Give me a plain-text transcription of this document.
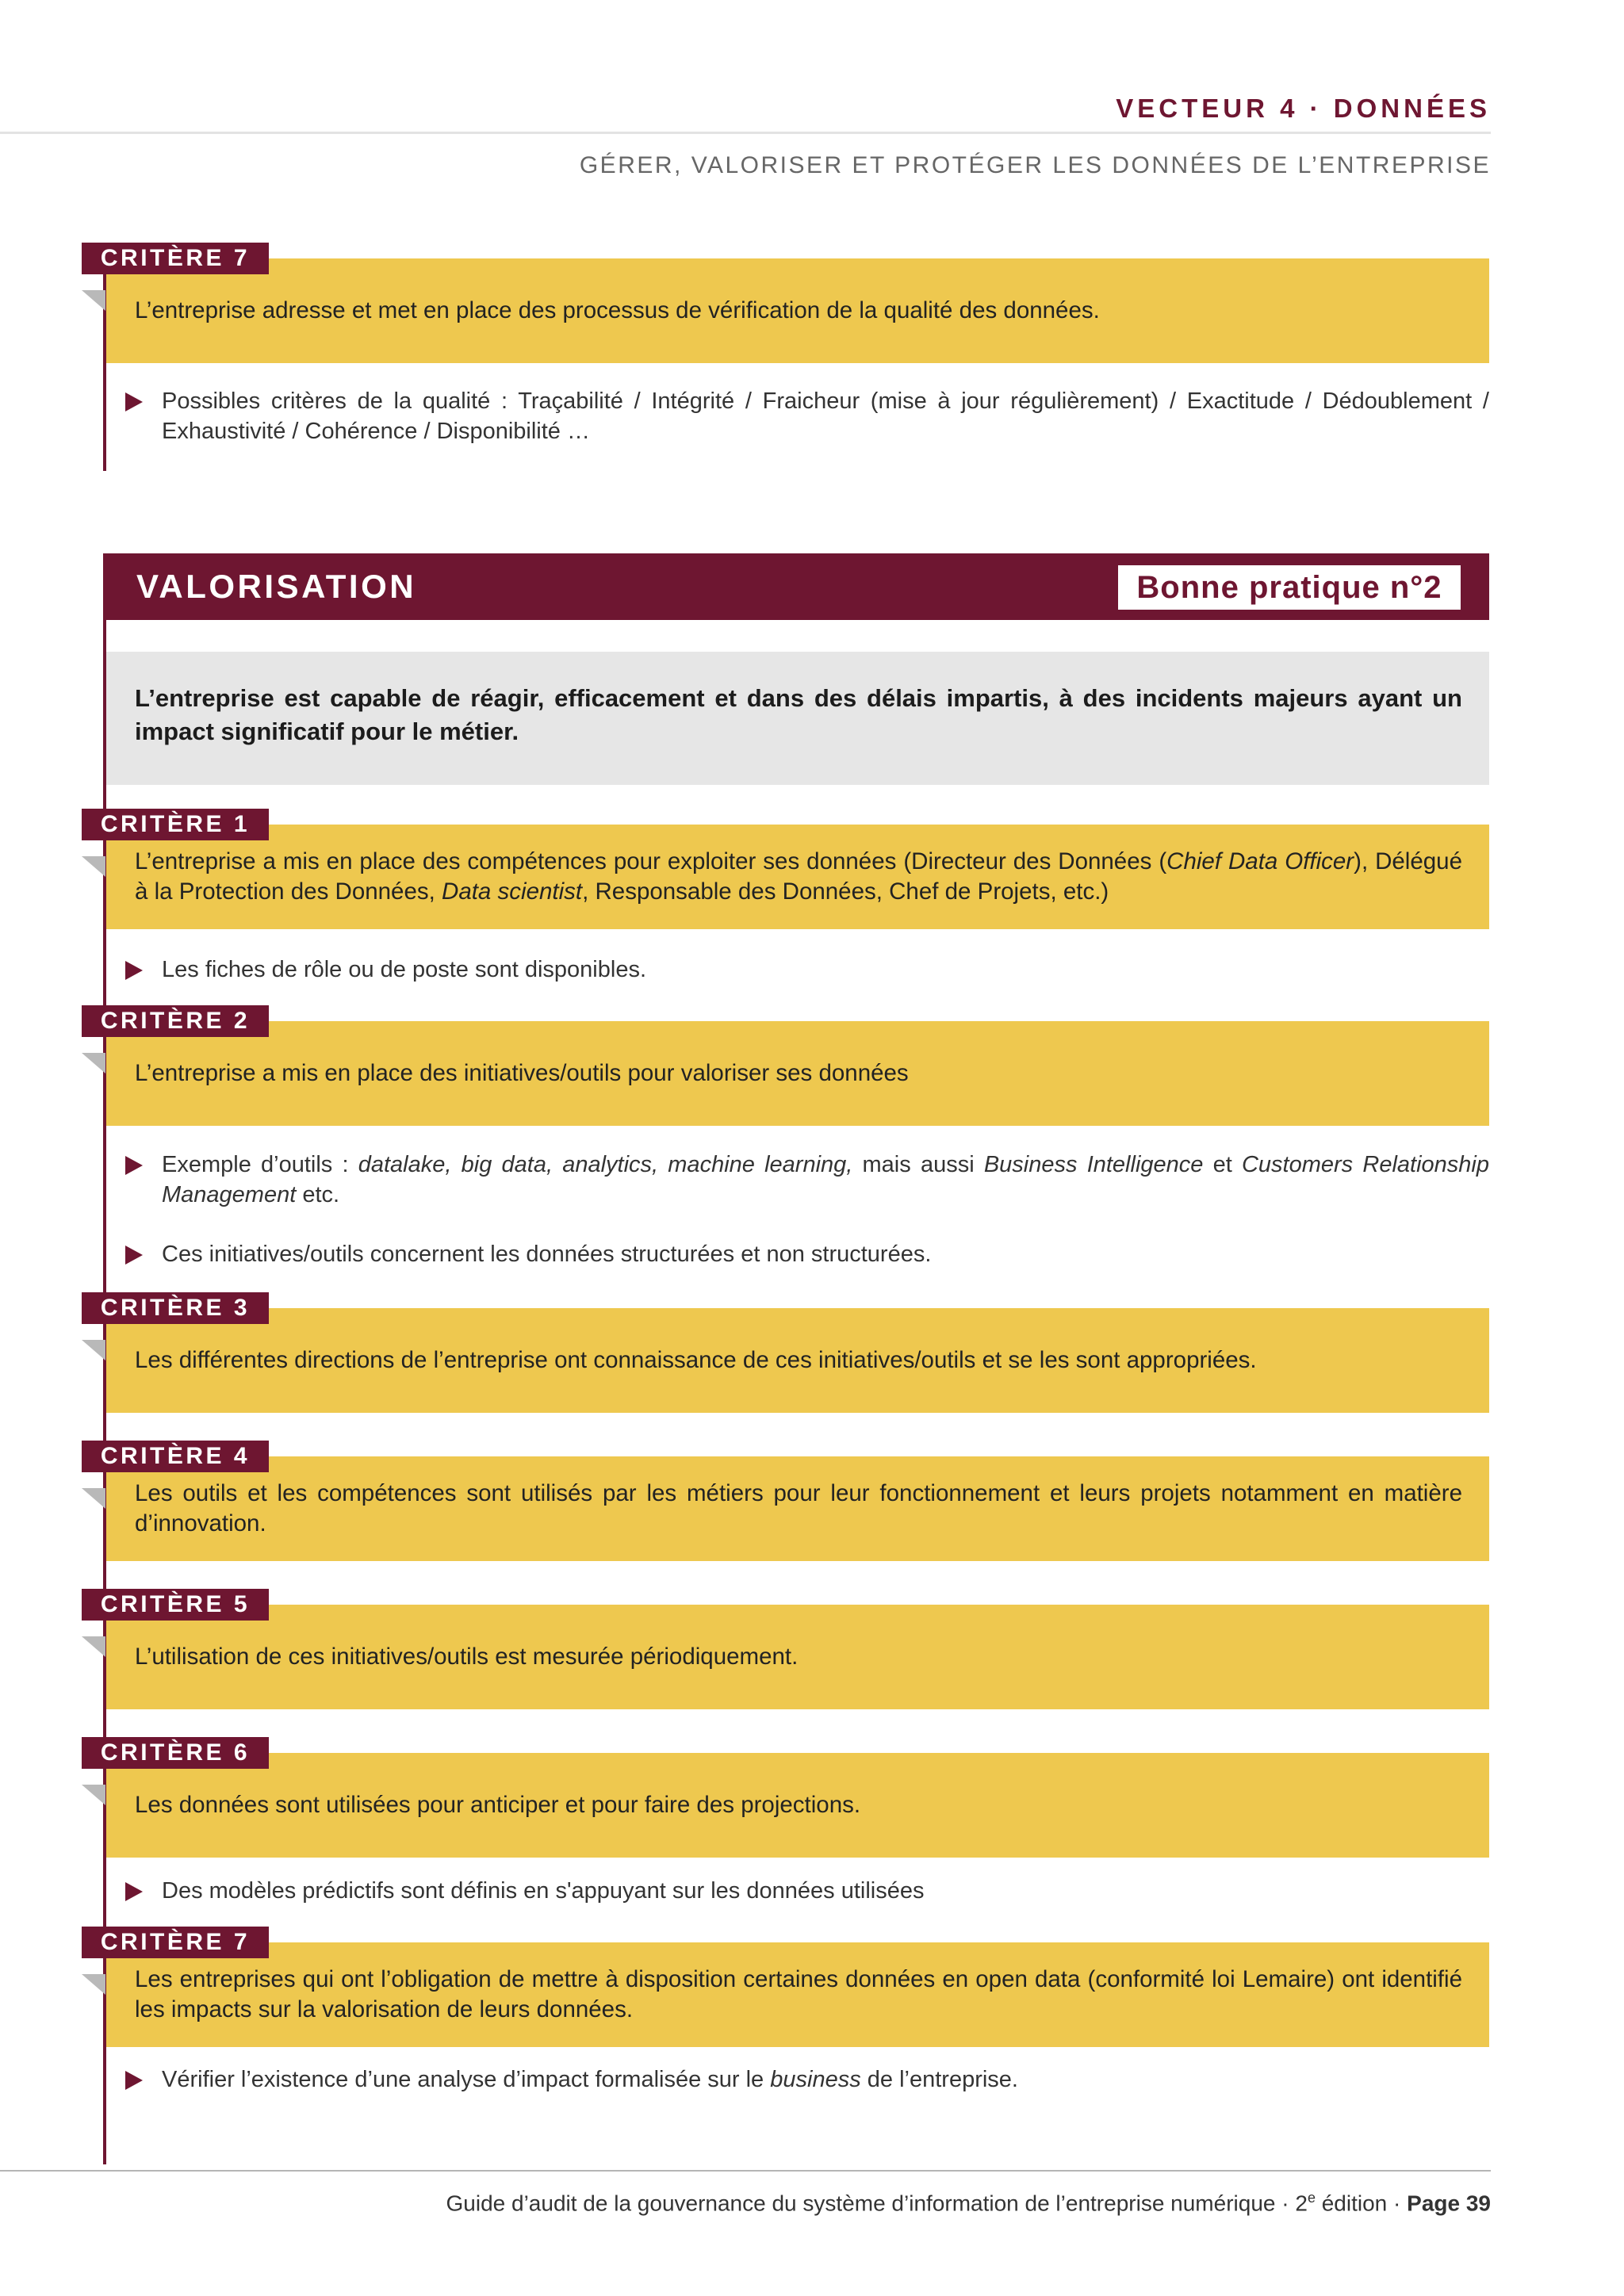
VECTEUR 4 · DONNÉES
GÉRER, VALORISER ET PROTÉGER LES DONNÉES DE L’ENTREPRISE
L’entreprise adresse et met en place des processus de vérification de la qualité des données.
CRITÈRE 7
Possibles critères de la qualité : Traçabilité / Intégrité / Fraicheur (mise à jour régulièrement) / Exactitude / Dédoublement / Exhaustivité / Cohérence / Disponibilité …
VALORISATION	Bonne pratique n°2
L’entreprise est capable de réagir, efficacement et dans des délais impartis, à des incidents majeurs ayant un impact significatif pour le métier.
L’entreprise a mis en place des compétences pour exploiter ses données (Directeur des Données (Chief Data Officer), Délégué à la Protection des Données, Data scientist, Responsable des Données, Chef de Projets, etc.)
CRITÈRE 1
Les fiches de rôle ou de poste sont disponibles.
L’entreprise a mis en place des initiatives/outils pour valoriser ses données
CRITÈRE 2
Exemple d’outils : datalake, big data, analytics, machine learning, mais aussi Business Intelligence et Customers Relationship Management etc.
Ces initiatives/outils concernent les données structurées et non structurées.
Les différentes directions de l’entreprise ont connaissance de ces initiatives/outils et se les sont appropriées.
CRITÈRE 3
Les outils et les compétences sont utilisés par les métiers pour leur fonctionnement et leurs projets notamment en matière d’innovation.
CRITÈRE 4
L’utilisation de ces initiatives/outils est mesurée périodiquement.
CRITÈRE 5
Les données sont utilisées pour anticiper et pour faire des projections.
CRITÈRE 6
Des modèles prédictifs sont définis en s'appuyant sur les données utilisées
Les entreprises qui ont l’obligation de mettre à disposition certaines données en open data (conformité loi Lemaire) ont identifié les impacts sur la valorisation de leurs données.
CRITÈRE 7
Vérifier l’existence d’une analyse d’impact formalisée sur le business de l’entreprise.
Guide d’audit de la gouvernance du système d’information de l’entreprise numérique · $2^e$ édition · Page 39
